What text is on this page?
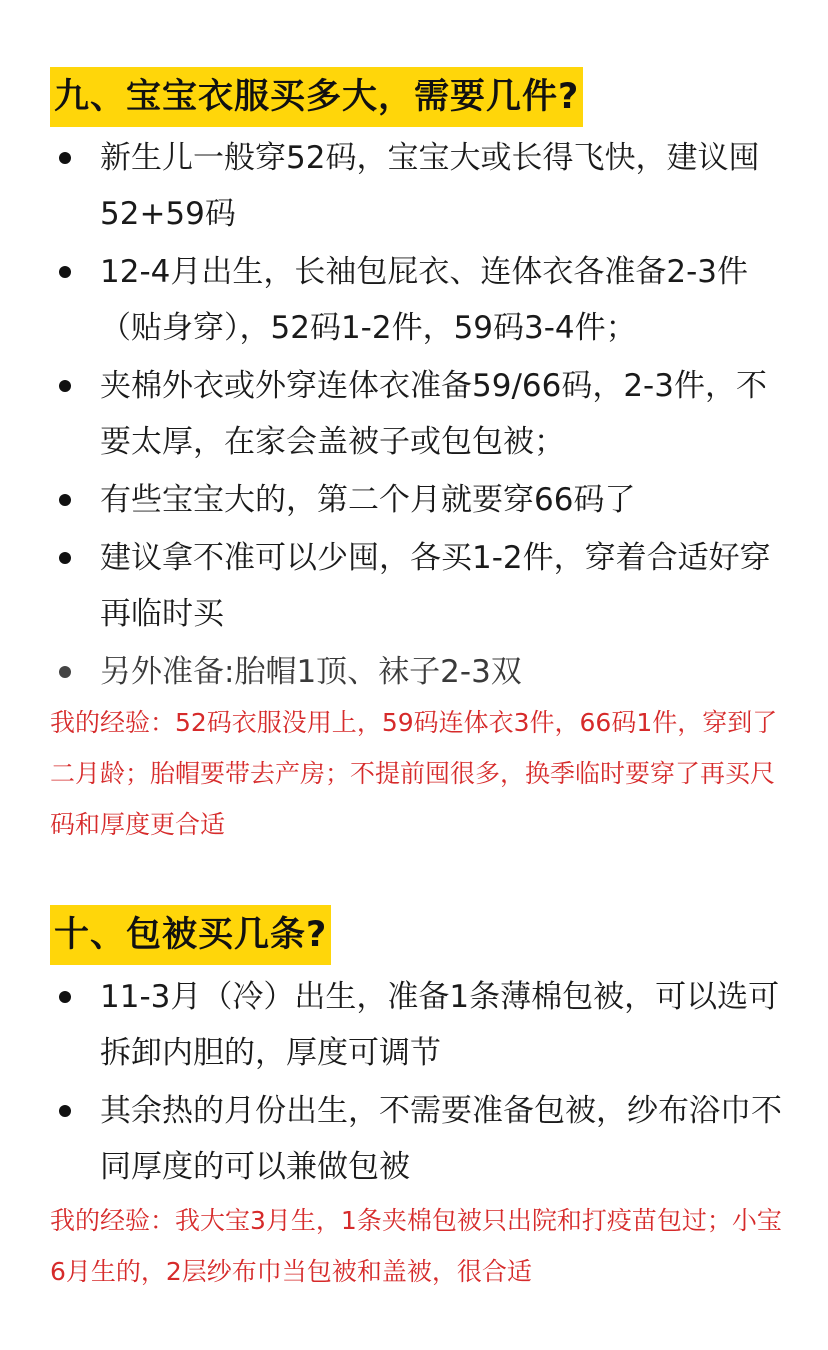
九、宝宝衣服买多大，需要几件?
新生儿一般穿52码，宝宝大或长得飞快，建议囤52+59码
12-4月出生，长袖包屁衣、连体衣各准备2-3件（贴身穿），52码1-2件，59码3-4件；
夹棉外衣或外穿连体衣准备59/66码，2-3件，不要太厚，在家会盖被子或包包被；
有些宝宝大的，第二个月就要穿66码了
建议拿不准可以少囤，各买1-2件，穿着合适好穿再临时买
另外准备:胎帽1顶、袜子2-3双
我的经验：52码衣服没用上，59码连体衣3件，66码1件，穿到了二月龄；胎帽要带去产房；不提前囤很多，换季临时要穿了再买尺码和厚度更合适
十、包被买几条?
11-3月（冷）出生，准备1条薄棉包被，可以选可拆卸内胆的，厚度可调节
其余热的月份出生，不需要准备包被，纱布浴巾不同厚度的可以兼做包被
我的经验：我大宝3月生，1条夹棉包被只出院和打疫苗包过；小宝6月生的，2层纱布巾当包被和盖被，很合适
